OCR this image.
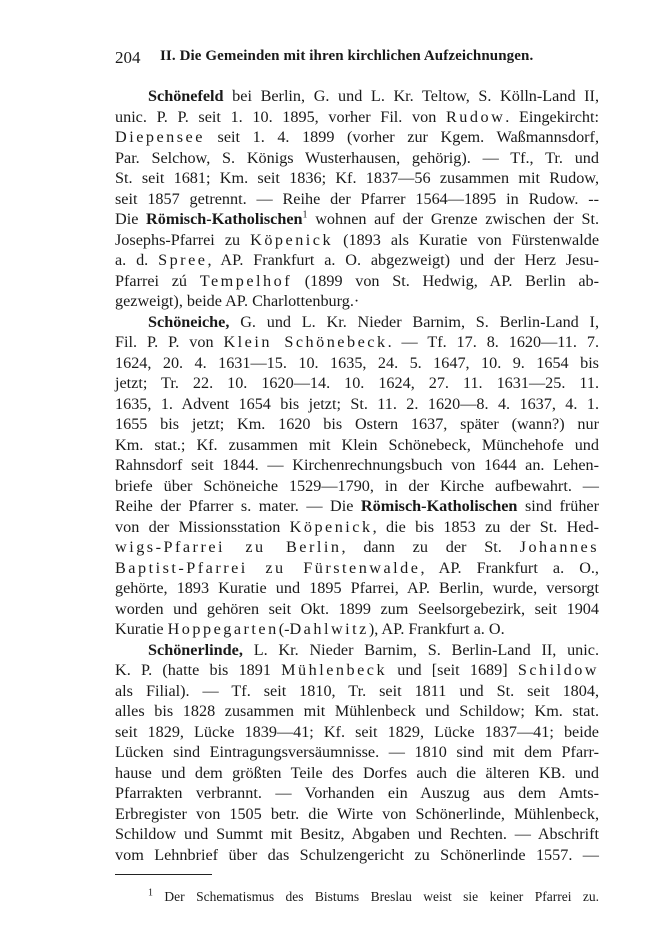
204 II. Die Gemeinden mit ihren kirchlichen Aufzeichnungen.
Schönefeld bei Berlin, G. und L. Kr. Teltow, S. Kölln-Land II,
unic. P. P. seit 1. 10. 1895, vorher Fil. von Rudow. Eingekircht:
Diepensee seit 1. 4. 1899 (vorher zur Kgem. Waßmannsdorf,
Par. Selchow, S. Königs Wusterhausen, gehörig). — Tf., Tr. und
St. seit 1681; Km. seit 1836; Kf. 1837—56 zusammen mit Rudow,
seit 1857 getrennt. — Reihe der Pfarrer 1564—1895 in Rudow. --
Die Römisch-Katholischen$^1$ wohnen auf der Grenze zwischen der St.
Josephs-Pfarrei zu Köpenick (1893 als Kuratie von Fürstenwalde
a. d. Spree, AP. Frankfurt a. O. abgezweigt) und der Herz Jesu-
Pfarrei zú Tempelhof (1899 von St. Hedwig, AP. Berlin ab-
gezweigt), beide AP. Charlottenburg.·
Schöneiche, G. und L. Kr. Nieder Barnim, S. Berlin-Land I,
Fil. P. P. von Klein Schönebeck. — Tf. 17. 8. 1620—11. 7.
1624, 20. 4. 1631—15. 10. 1635, 24. 5. 1647, 10. 9. 1654 bis
jetzt; Tr. 22. 10. 1620—14. 10. 1624, 27. 11. 1631—25. 11.
1635, 1. Advent 1654 bis jetzt; St. 11. 2. 1620—8. 4. 1637, 4. 1.
1655 bis jetzt; Km. 1620 bis Ostern 1637, später (wann?) nur
Km. stat.; Kf. zusammen mit Klein Schönebeck, Münchehofe und
Rahnsdorf seit 1844. — Kirchenrechnungsbuch von 1644 an. Lehen-
briefe über Schöneiche 1529—1790, in der Kirche aufbewahrt. —
Reihe der Pfarrer s. mater. — Die Römisch-Katholischen sind früher
von der Missionsstation Köpenick, die bis 1853 zu der St. Hed-
wigs-Pfarrei zu Berlin, dann zu der St. Johannes
Baptist-Pfarrei zu Fürstenwalde, AP. Frankfurt a. O.,
gehörte, 1893 Kuratie und 1895 Pfarrei, AP. Berlin, wurde, versorgt
worden und gehören seit Okt. 1899 zum Seelsorgebezirk, seit 1904
Kuratie Hoppegarten(-Dahlwitz), AP. Frankfurt a. O.
Schönerlinde, L. Kr. Nieder Barnim, S. Berlin-Land II, unic.
K. P. (hatte bis 1891 Mühlenbeck und [seit 1689] Schildow
als Filial). — Tf. seit 1810, Tr. seit 1811 und St. seit 1804,
alles bis 1828 zusammen mit Mühlenbeck und Schildow; Km. stat.
seit 1829, Lücke 1839—41; Kf. seit 1829, Lücke 1837—41; beide
Lücken sind Eintragungsversäumnisse. — 1810 sind mit dem Pfarr-
hause und dem größten Teile des Dorfes auch die älteren KB. und
Pfarrakten verbrannt. — Vorhanden ein Auszug aus dem Amts-
Erbregister von 1505 betr. die Wirte von Schönerlinde, Mühlenbeck,
Schildow und Summt mit Besitz, Abgaben und Rechten. — Abschrift
vom Lehnbrief über das Schulzengericht zu Schönerlinde 1557. —
$^1$ Der Schematismus des Bistums Breslau weist sie keiner Pfarrei zu.
